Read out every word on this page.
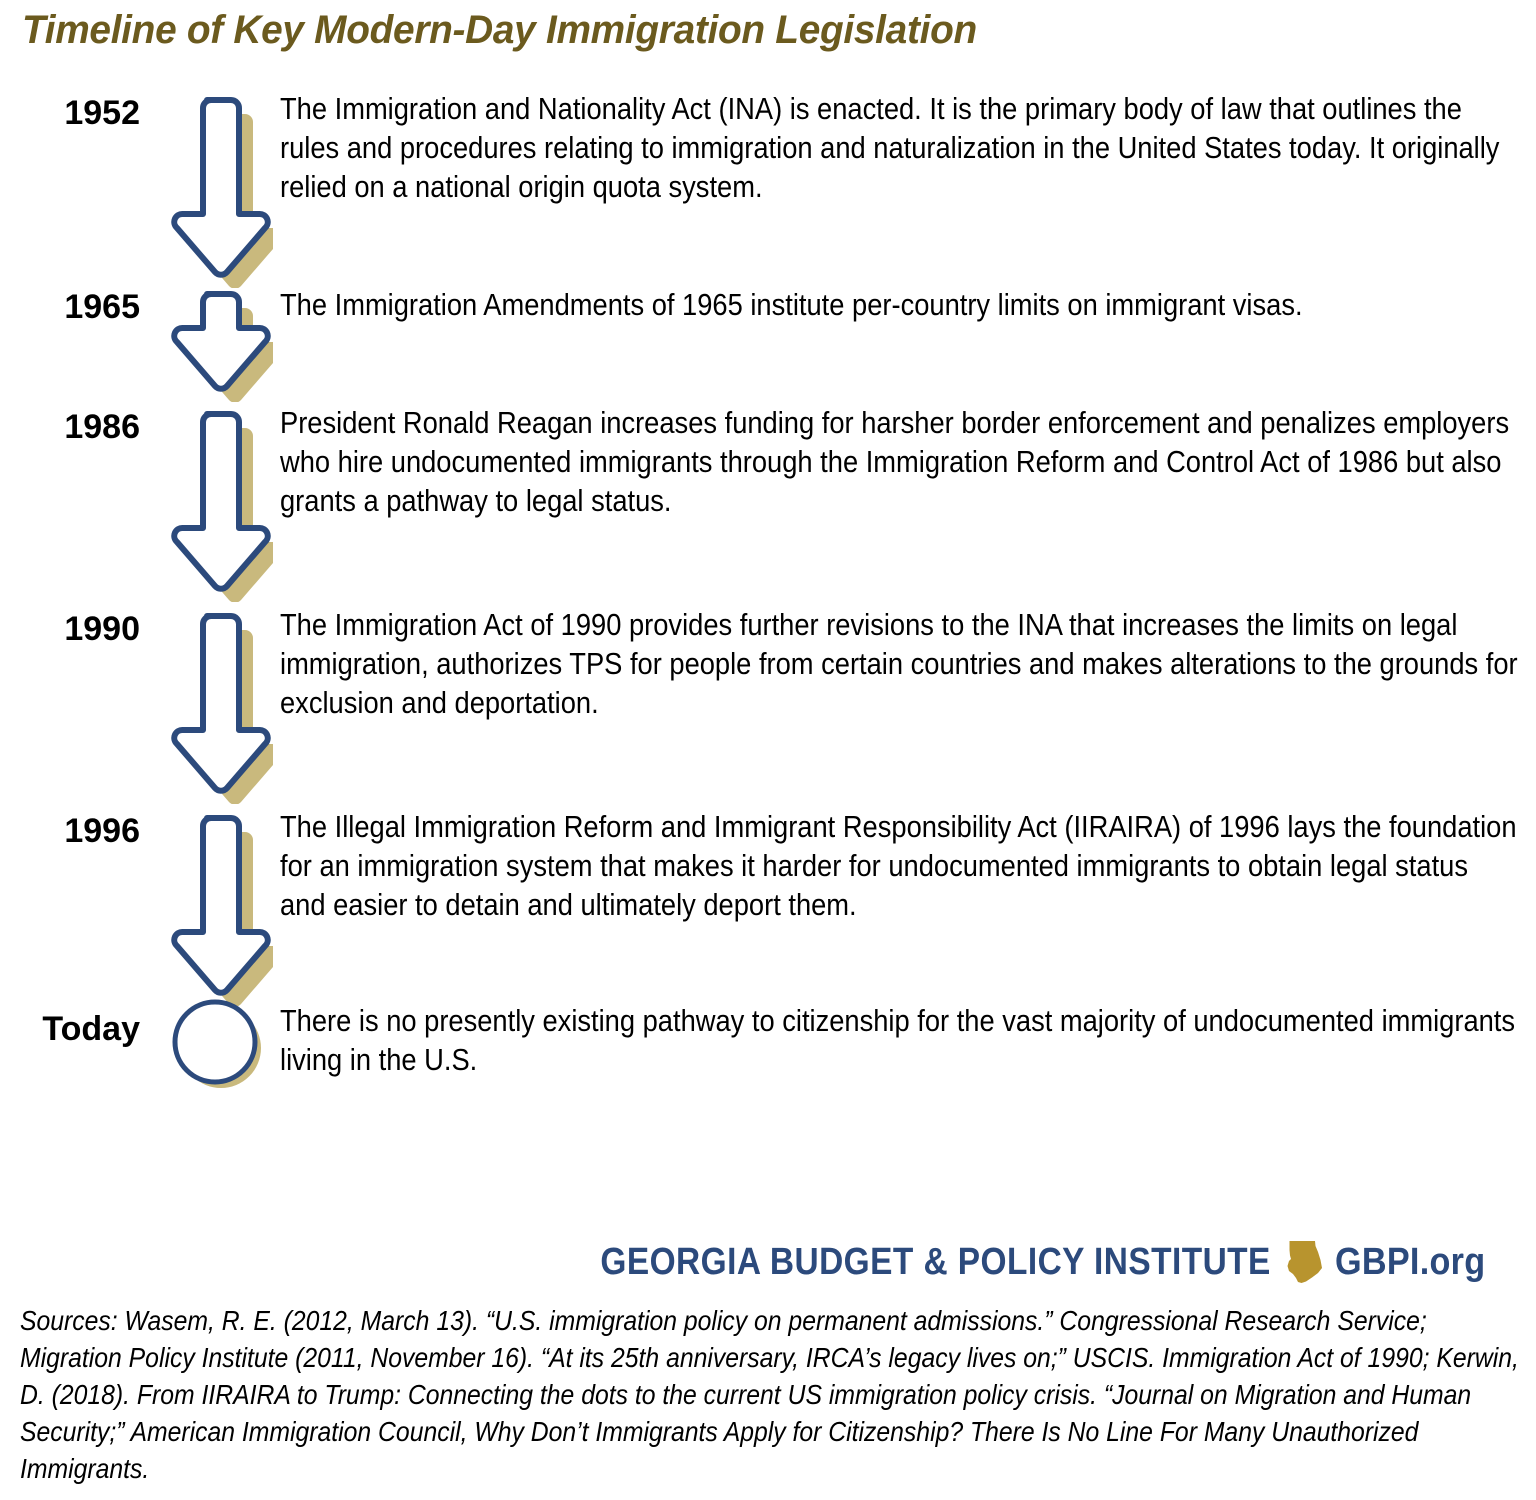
Timeline of Key Modern-Day Immigration Legislation
1952	The Immigration and Nationality Act (INA) is enacted. It is the primary body of law that outlines the rules and procedures relating to immigration and naturalization in the United States today. It originally relied on a national origin quota system.
1965	The Immigration Amendments of 1965 institute per-country limits on immigrant visas.
1986	President Ronald Reagan increases funding for harsher border enforcement and penalizes employers who hire undocumented immigrants through the Immigration Reform and Control Act of 1986 but also grants a pathway to legal status.
1990	The Immigration Act of 1990 provides further revisions to the INA that increases the limits on legal immigration, authorizes TPS for people from certain countries and makes alterations to the grounds for exclusion and deportation.
1996	The Illegal Immigration Reform and Immigrant Responsibility Act (IIRAIRA) of 1996 lays the foundation for an immigration system that makes it harder for undocumented immigrants to obtain legal status and easier to detain and ultimately deport them.
Today	There is no presently existing pathway to citizenship for the vast majority of undocumented immigrants living in the U.S.
GEORGIA BUDGET & POLICY INSTITUTE GBPI.org
Sources: Wasem, R. E. (2012, March 13). “U.S. immigration policy on permanent admissions.” Congressional Research Service; Migration Policy Institute (2011, November 16). “At its 25th anniversary, IRCA’s legacy lives on;” USCIS. Immigration Act of 1990; Kerwin, D. (2018). From IIRAIRA to Trump: Connecting the dots to the current US immigration policy crisis. “Journal on Migration and Human Security;” American Immigration Council, Why Don’t Immigrants Apply for Citizenship? There Is No Line For Many Unauthorized Immigrants.
